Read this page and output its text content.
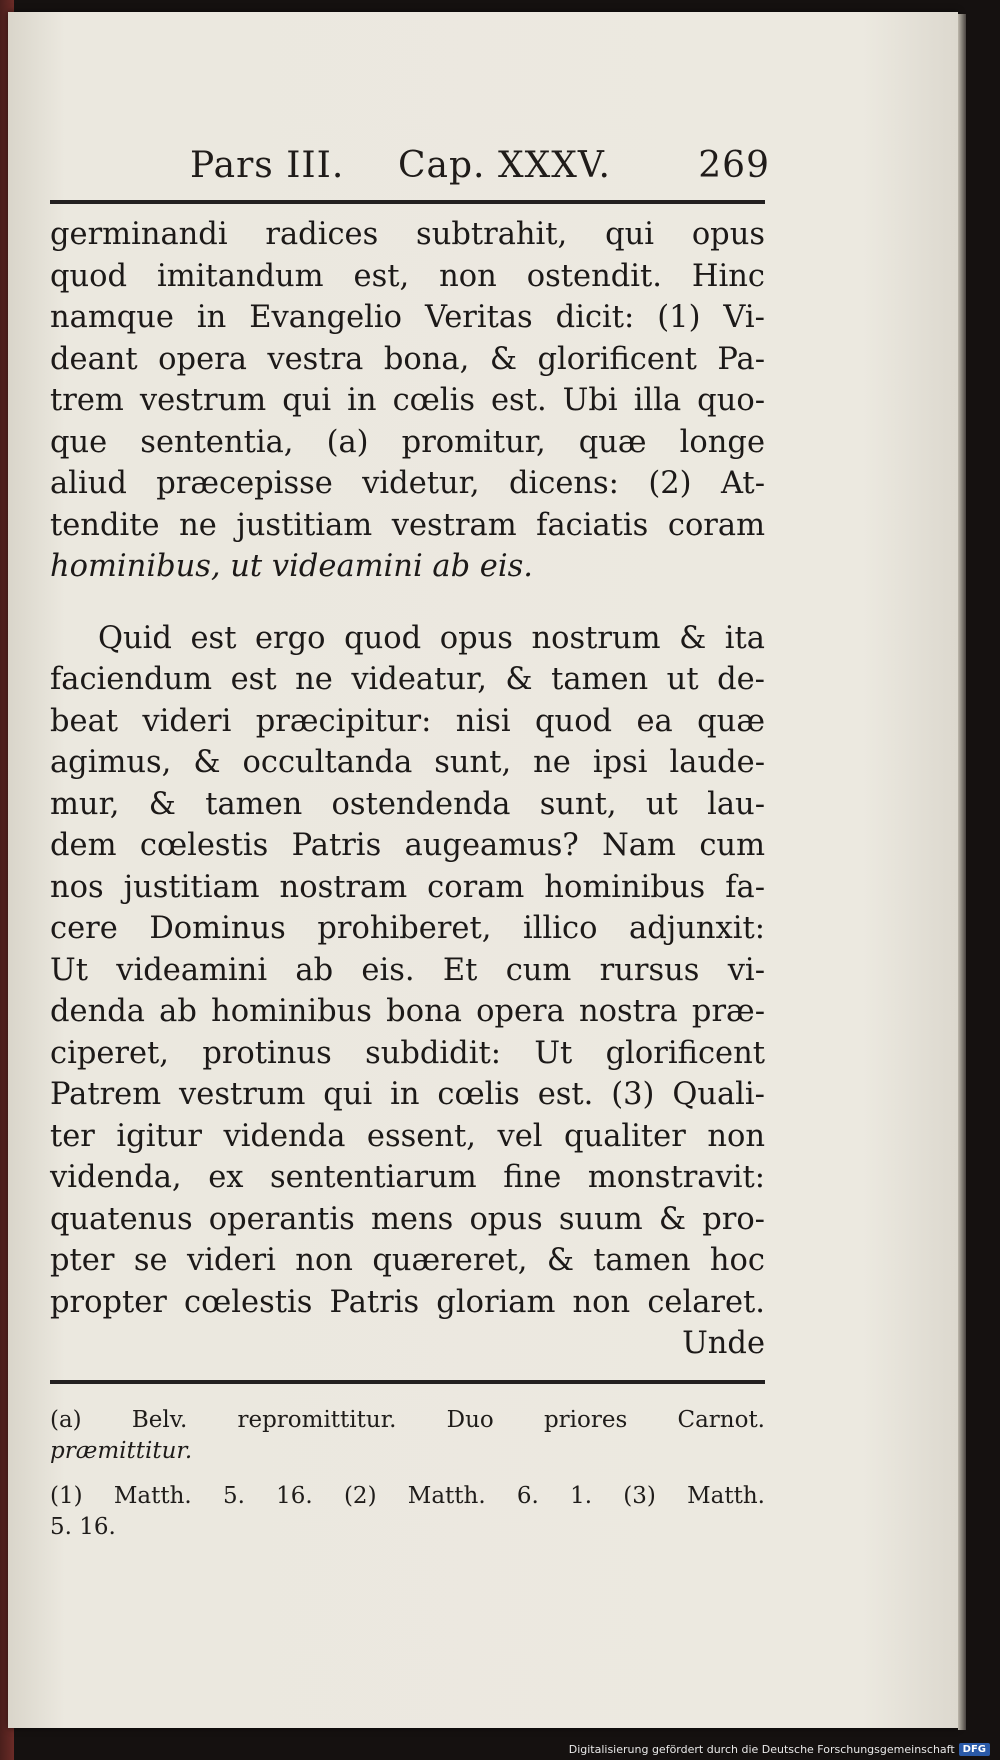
Pars III. Cap. XXXV. 269
germinandi radices subtrahit, qui opus
quod imitandum est, non ostendit. Hinc
namque in Evangelio Veritas dicit: (1) Vi-
deant opera vestra bona, & glorificent Pa-
trem vestrum qui in cœlis est. Ubi illa quo-
que sententia, (a) promitur, quæ longe
aliud præcepisse videtur, dicens: (2) At-
tendite ne justitiam vestram faciatis coram
hominibus, ut videamini ab eis.
Quid est ergo quod opus nostrum & ita
faciendum est ne videatur, & tamen ut de-
beat videri præcipitur: nisi quod ea quæ
agimus, & occultanda sunt, ne ipsi laude-
mur, & tamen ostendenda sunt, ut lau-
dem cœlestis Patris augeamus? Nam cum
nos justitiam nostram coram hominibus fa-
cere Dominus prohiberet, illico adjunxit:
Ut videamini ab eis. Et cum rursus vi-
denda ab hominibus bona opera nostra præ-
ciperet, protinus subdidit: Ut glorificent
Patrem vestrum qui in cœlis est. (3) Quali-
ter igitur videnda essent, vel qualiter non
videnda, ex sententiarum fine monstravit:
quatenus operantis mens opus suum & pro-
pter se videri non quæreret, & tamen hoc
propter cœlestis Patris gloriam non celaret.
Unde
(a) Belv. repromittitur. Duo priores Carnot.
præmittitur.
(1) Matth. 5. 16. (2) Matth. 6. 1. (3) Matth.
5. 16.
Digitalisierung gefördert durch die Deutsche Forschungsgemeinschaft DFG
